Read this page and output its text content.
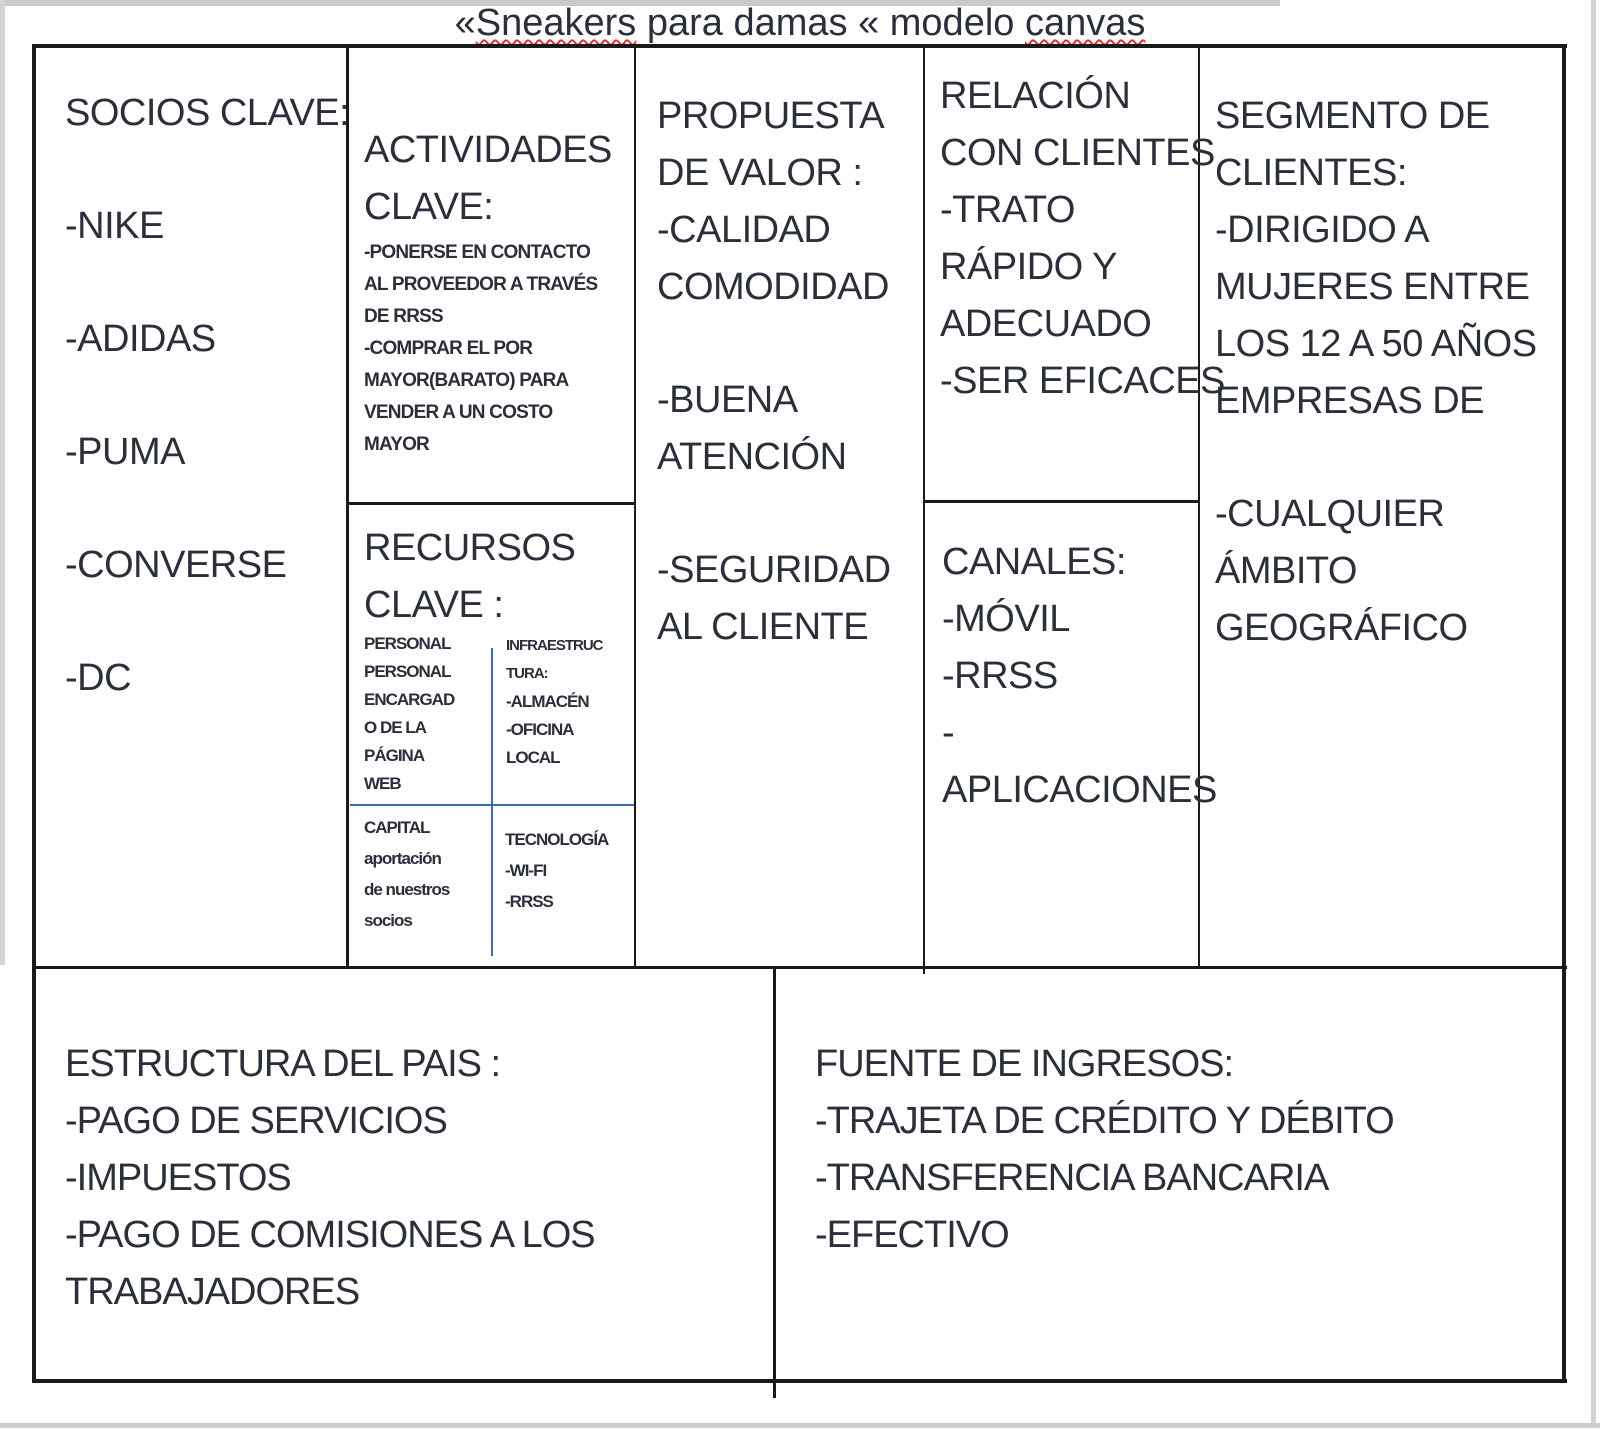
«Sneakers para damas « modelo canvas
SOCIOS CLAVE:
-NIKE
-ADIDAS
-PUMA
-CONVERSE
-DC
ACTIVIDADES
CLAVE:
-PONERSE EN CONTACTO
AL PROVEEDOR A TRAVÉS
DE RRSS
-COMPRAR EL POR
MAYOR(BARATO) PARA
VENDER A UN COSTO
MAYOR
RECURSOS
CLAVE :
PERSONAL
PERSONAL
ENCARGAD
O DE LA
PÁGINA
WEB
INFRAESTRUC
TURA:
-ALMACÉN
-OFICINA
LOCAL
CAPITAL
aportación
de nuestros
socios
TECNOLOGÍA
-WI-FI
-RRSS
PROPUESTA
DE VALOR :
-CALIDAD
COMODIDAD
-BUENA
ATENCIÓN
-SEGURIDAD
AL CLIENTE
RELACIÓN
CON CLIENTES
-TRATO
RÁPIDO Y
ADECUADO
-SER EFICACES
CANALES:
-MÓVIL
-RRSS
-
APLICACIONES
SEGMENTO DE
CLIENTES:
-DIRIGIDO A
MUJERES ENTRE
LOS 12 A 50 AÑOS
EMPRESAS DE
-CUALQUIER
ÁMBITO
GEOGRÁFICO
ESTRUCTURA DEL PAIS :
-PAGO DE SERVICIOS
-IMPUESTOS
-PAGO DE COMISIONES A LOS
TRABAJADORES
FUENTE DE INGRESOS:
-TRAJETA DE CRÉDITO Y DÉBITO
-TRANSFERENCIA BANCARIA
-EFECTIVO
